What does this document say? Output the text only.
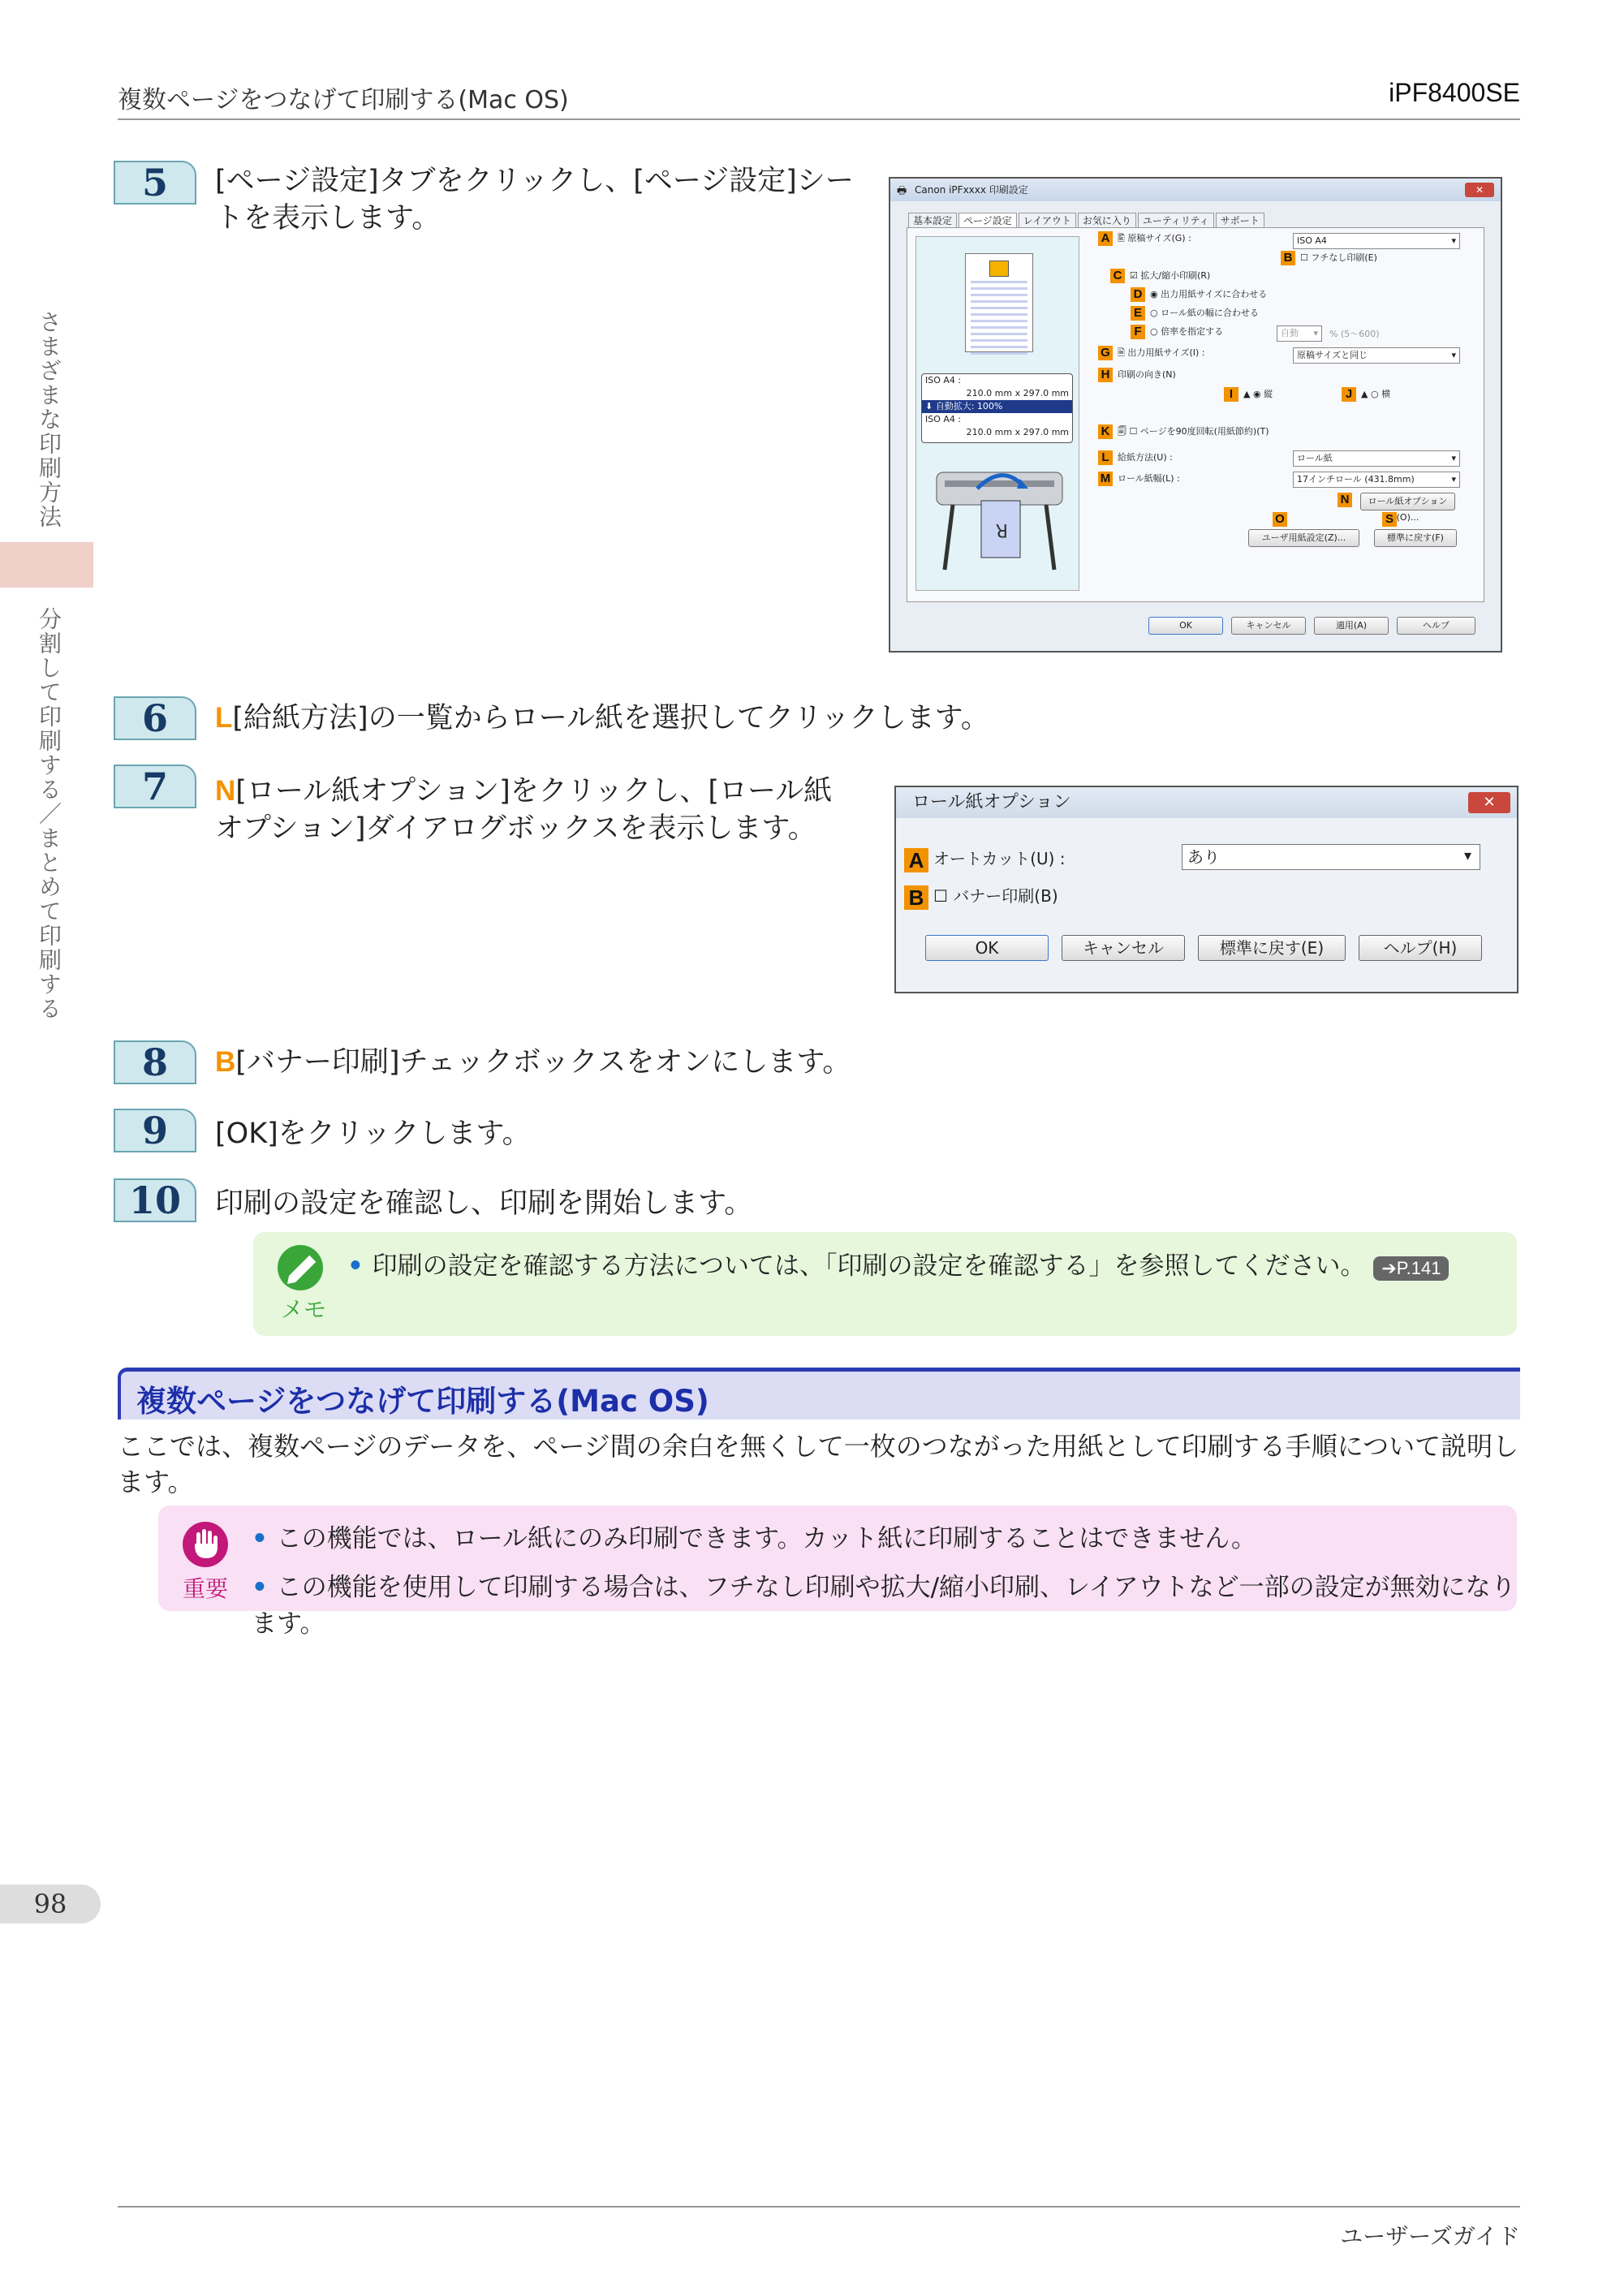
複数ページをつなげて印刷する(Mac OS)	iPF8400SE
さまざまな印刷方法
分割して印刷する／まとめて印刷する
5	[ページ設定]タブをクリックし、[ページ設定]シートを表示します。
Canon iPFxxxx 印刷設定
🖶	✕
基本設定	ページ設定	レイアウト	お気に入り	ユーティリティ	サポート
ISO A4 :
210.0 mm x 297.0 mm
⬇ 自動拡大: 100%
ISO A4 :
210.0 mm x 297.0 mm
R
A 🖺 原稿サイズ(G) :	ISO A4 ▾
B ☐ フチなし印刷(E)
C ☑ 拡大/縮小印刷(R)
D ◉ 出力用紙サイズに合わせる
E ○ ロール紙の幅に合わせる
F ○ 倍率を指定する	自動 ▾	% (5～600)
G 🗎 出力用紙サイズ(I) :	原稿サイズと同じ ▾
H 印刷の向き(N)
I ▲ ◉ 縦	J ▲ ○ 横
K 🗐 ☐ ページを90度回転(用紙節約)(T)
L 給紙方法(U) :	ロール紙 ▾
M ロール紙幅(L) :	17インチロール (431.8mm) ▾
N	ロール紙オプション(O)...
O	S
ユーザ用紙設定(Z)...	標準に戻す(F)
OK	キャンセル	適用(A)	ヘルプ
6	L[給紙方法]の一覧からロール紙を選択してクリックします。
7	N[ロール紙オプション]をクリックし、[ロール紙オプション]ダイアログボックスを表示します。
ロール紙オプション	✕
A オートカット(U) :	あり	▾
B ☐ バナー印刷(B)
OK	キャンセル	標準に戻す(E)	ヘルプ(H)
8	B[バナー印刷]チェックボックスをオンにします。
9	[OK]をクリックします。
10	印刷の設定を確認し、印刷を開始します。
メモ
• 印刷の設定を確認する方法については、「印刷の設定を確認する」を参照してください。 ➔P.141
複数ページをつなげて印刷する(Mac OS)
ここでは、複数ページのデータを、ページ間の余白を無くして一枚のつながった用紙として印刷する手順について説明します。
重要
• この機能では、ロール紙にのみ印刷できます。カット紙に印刷することはできません。
• この機能を使用して印刷する場合は、フチなし印刷や拡大/縮小印刷、レイアウトなど一部の設定が無効になります。
98
ユーザーズガイド
